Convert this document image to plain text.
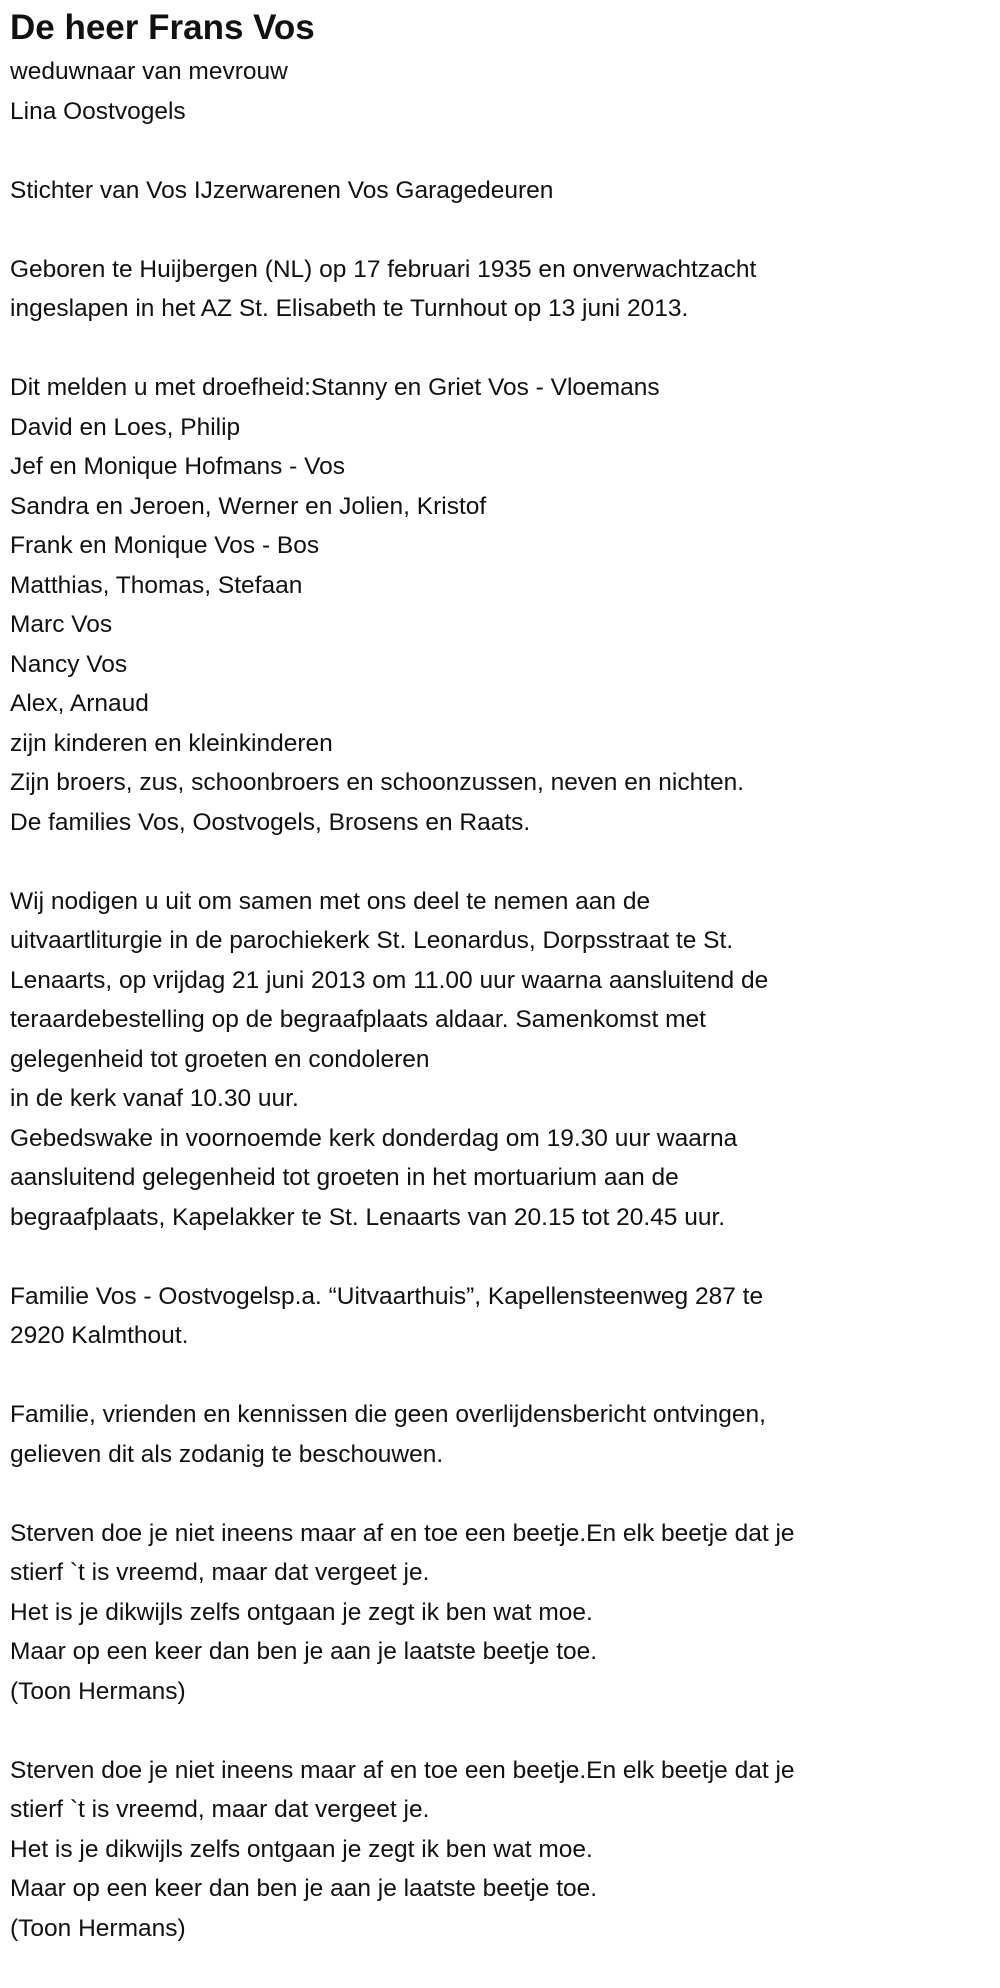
De heer Frans Vos
weduwnaar van mevrouw
Lina Oostvogels
Stichter van Vos IJzerwarenen Vos Garagedeuren
Geboren te Huijbergen (NL) op 17 februari 1935 en onverwachtzacht
ingeslapen in het AZ St. Elisabeth te Turnhout op 13 juni 2013.
Dit melden u met droefheid:Stanny en Griet Vos - Vloemans
David en Loes, Philip
Jef en Monique Hofmans - Vos
Sandra en Jeroen, Werner en Jolien, Kristof
Frank en Monique Vos - Bos
Matthias, Thomas, Stefaan
Marc Vos
Nancy Vos
Alex, Arnaud
zijn kinderen en kleinkinderen
Zijn broers, zus, schoonbroers en schoonzussen, neven en nichten.
De families Vos, Oostvogels, Brosens en Raats.
Wij nodigen u uit om samen met ons deel te nemen aan de
uitvaartliturgie in de parochiekerk St. Leonardus, Dorpsstraat te St.
Lenaarts, op vrijdag 21 juni 2013 om 11.00 uur waarna aansluitend de
teraardebestelling op de begraafplaats aldaar. Samenkomst met
gelegenheid tot groeten en condoleren
in de kerk vanaf 10.30 uur.
Gebedswake in voornoemde kerk donderdag om 19.30 uur waarna
aansluitend gelegenheid tot groeten in het mortuarium aan de
begraafplaats, Kapelakker te St. Lenaarts van 20.15 tot 20.45 uur.
Familie Vos - Oostvogelsp.a. “Uitvaarthuis”, Kapellensteenweg 287 te
2920 Kalmthout.
Familie, vrienden en kennissen die geen overlijdensbericht ontvingen,
gelieven dit als zodanig te beschouwen.
Sterven doe je niet ineens maar af en toe een beetje.En elk beetje dat je
stierf `t is vreemd, maar dat vergeet je.
Het is je dikwijls zelfs ontgaan je zegt ik ben wat moe.
Maar op een keer dan ben je aan je laatste beetje toe.
(Toon Hermans)
Sterven doe je niet ineens maar af en toe een beetje.En elk beetje dat je
stierf `t is vreemd, maar dat vergeet je.
Het is je dikwijls zelfs ontgaan je zegt ik ben wat moe.
Maar op een keer dan ben je aan je laatste beetje toe.
(Toon Hermans)
